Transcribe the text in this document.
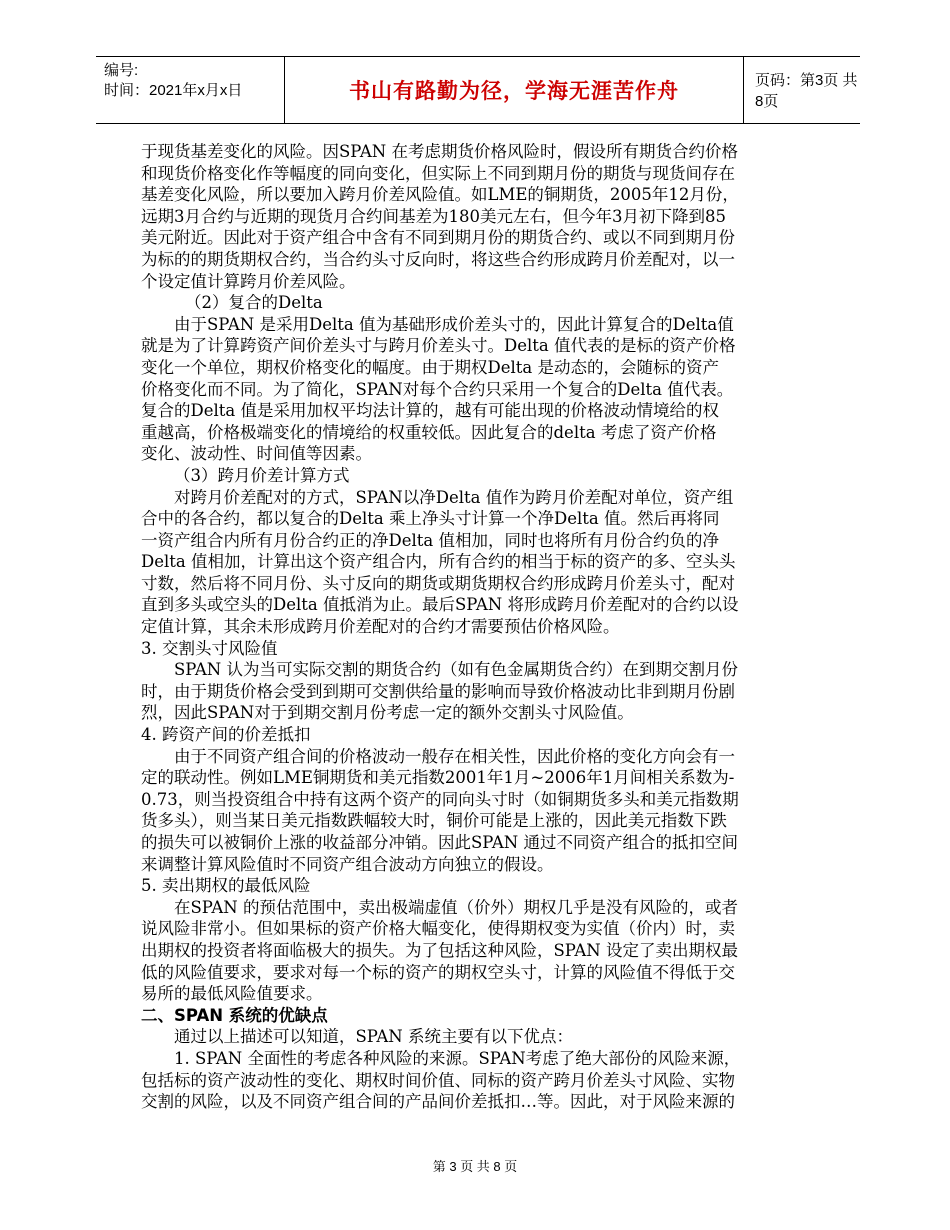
编号:
时间：2021年x月x日	书山有路勤为径，学海无涯苦作舟	页码：第3页 共8页
于现货基差变化的风险。因SPAN 在考虑期货价格风险时，假设所有期货合约价格
和现货价格变化作等幅度的同向变化，但实际上不同到期月份的期货与现货间存在
基差变化风险，所以要加入跨月价差风险值。如LME的铜期货，2005年12月份，
远期3月合约与近期的现货月合约间基差为180美元左右，但今年3月初下降到85
美元附近。因此对于资产组合中含有不同到期月份的期货合约、或以不同到期月份
为标的的期货期权合约，当合约头寸反向时，将这些合约形成跨月价差配对，以一
个设定值计算跨月价差风险。
（2）复合的Delta
由于SPAN 是采用Delta 值为基础形成价差头寸的，因此计算复合的Delta值
就是为了计算跨资产间价差头寸与跨月价差头寸。Delta 值代表的是标的资产价格
变化一个单位，期权价格变化的幅度。由于期权Delta 是动态的，会随标的资产
价格变化而不同。为了简化，SPAN对每个合约只采用一个复合的Delta 值代表。
复合的Delta 值是采用加权平均法计算的，越有可能出现的价格波动情境给的权
重越高，价格极端变化的情境给的权重较低。因此复合的delta 考虑了资产价格
变化、波动性、时间值等因素。
（3）跨月价差计算方式
对跨月价差配对的方式，SPAN以净Delta 值作为跨月价差配对单位，资产组
合中的各合约，都以复合的Delta 乘上净头寸计算一个净Delta 值。然后再将同
一资产组合内所有月份合约正的净Delta 值相加，同时也将所有月份合约负的净
Delta 值相加，计算出这个资产组合内，所有合约的相当于标的资产的多、空头头
寸数，然后将不同月份、头寸反向的期货或期货期权合约形成跨月价差头寸，配对
直到多头或空头的Delta 值抵消为止。最后SPAN 将形成跨月价差配对的合约以设
定值计算，其余未形成跨月价差配对的合约才需要预估价格风险。
3. 交割头寸风险值
SPAN 认为当可实际交割的期货合约（如有色金属期货合约）在到期交割月份
时，由于期货价格会受到到期可交割供给量的影响而导致价格波动比非到期月份剧
烈，因此SPAN对于到期交割月份考虑一定的额外交割头寸风险值。
4. 跨资产间的价差抵扣
由于不同资产组合间的价格波动一般存在相关性，因此价格的变化方向会有一
定的联动性。例如LME铜期货和美元指数2001年1月~2006年1月间相关系数为-
0.73，则当投资组合中持有这两个资产的同向头寸时（如铜期货多头和美元指数期
货多头），则当某日美元指数跌幅较大时，铜价可能是上涨的，因此美元指数下跌
的损失可以被铜价上涨的收益部分冲销。因此SPAN 通过不同资产组合的抵扣空间
来调整计算风险值时不同资产组合波动方向独立的假设。
5. 卖出期权的最低风险
在SPAN 的预估范围中，卖出极端虚值（价外）期权几乎是没有风险的，或者
说风险非常小。但如果标的资产价格大幅变化，使得期权变为实值（价内）时，卖
出期权的投资者将面临极大的损失。为了包括这种风险，SPAN 设定了卖出期权最
低的风险值要求，要求对每一个标的资产的期权空头寸，计算的风险值不得低于交
易所的最低风险值要求。
二、SPAN 系统的优缺点
通过以上描述可以知道，SPAN 系统主要有以下优点：
1. SPAN 全面性的考虑各种风险的来源。SPAN考虑了绝大部份的风险来源，
包括标的资产波动性的变化、期权时间价值、同标的资产跨月价差头寸风险、实物
交割的风险，以及不同资产组合间的产品间价差抵扣…等。因此，对于风险来源的
第 3 页 共 8 页
